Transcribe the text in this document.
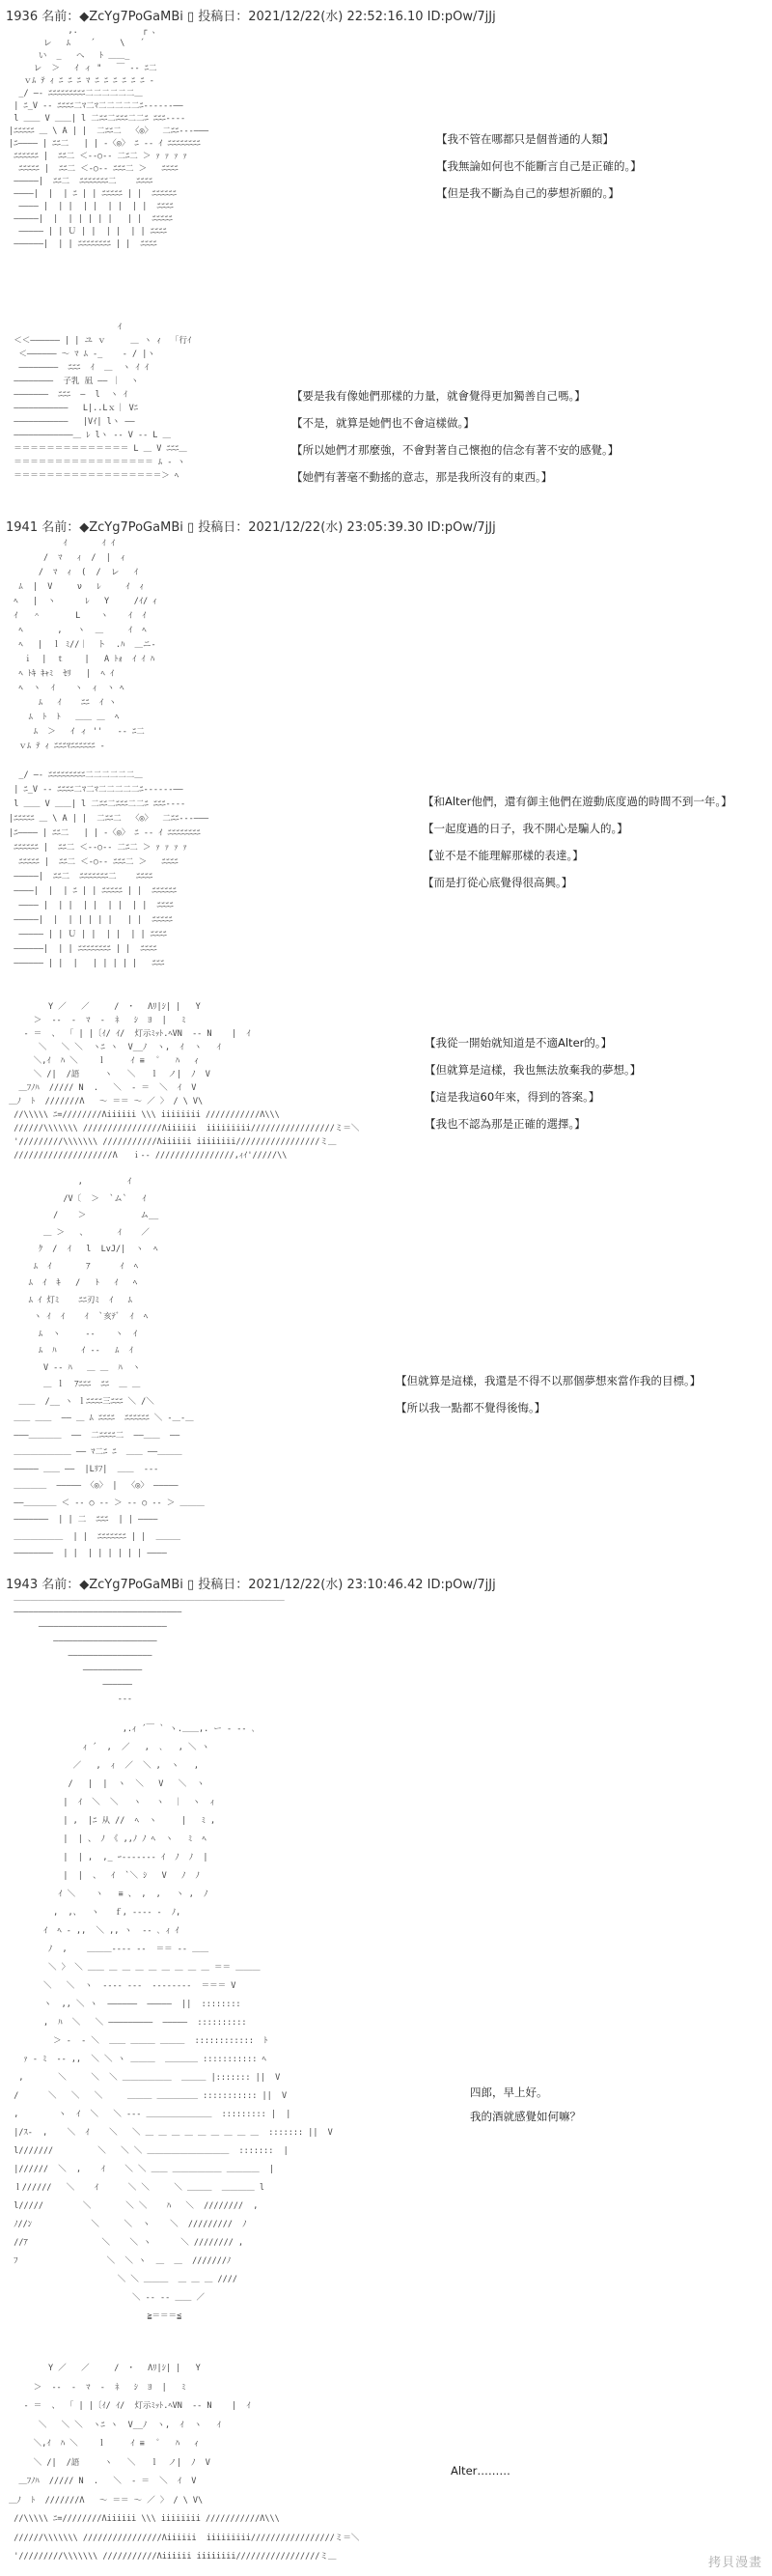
1936 名前：◆ZcYg7PoGaMBi ▯ 投稿日：2021/12/22(水) 22:52:16.10 ID:pOw/7jJj
,.             ┌ 、
レ   ﾑ    ´     \   ´
い  _   へ   ﾄ ＿＿_
レ  ＞   ｲ ィ "   ￣ ‐‐ ﾆ二
ｖﾑ ﾃ ｨ ﾆ ﾆ ﾆ ﾏ ﾆ ﾆ ﾆ ﾆ ﾆ ﾆ ‐
_/ ―‐ ﾆﾆﾆﾆﾆﾆﾆﾆﾆ二二二二二二＿
| ﾆ_V ‐‐ ﾆﾆﾆﾆ二ﾏ二ﾏ二二二二二ﾆ‐‐‐‐‐‐――
l ＿＿ V ＿＿| l 二ﾆﾆ二ﾆﾆﾆ二二ﾆ ﾆﾆﾆ‐‐‐‐
|ﾆﾆﾆﾆﾆ ＿ \ A | |  二ﾆﾆ二  〈◎〉  二ﾆﾆ‐‐‐―――
|ﾆ―――― | ﾆﾆ二   | | ‐〈◎〉 ﾆ ‐‐ ｲ ﾆﾆﾆﾆﾆﾆﾆﾆ
ﾆﾆﾆﾆﾆﾆ |  ﾆﾆ二 ＜‐‐○‐‐ 二ﾆ二 ＞ ｧ ｧ ｧ ｧ
ﾆﾆﾆﾆﾆ |  ﾆﾆ二 ＜‐○‐‐ ﾆﾆﾆ二 ＞   ﾆﾆﾆﾆ
―――――|  ﾆﾆ二  ﾆﾆﾆﾆﾆﾆﾆ二    ﾆﾆﾆﾆ
――――|  |  | ﾆ | | ﾆﾆﾆﾆﾆ | |  ﾆﾆﾆﾆﾆﾆ
―――― |  | |  | |  | |  | |  ﾆﾆﾆﾆ
―――――|  |  | | | | |   | |  ﾆﾆﾆﾆﾆ
――――― | | Ｕ | |  | |  | | ﾆﾆﾆﾆ
――――――|  | | ﾆﾆﾆﾆﾆﾆﾆﾆ | |  ﾆﾆﾆﾆ
【我不管在哪都只是個普通的人類】
【我無論如何也不能斷言自己是正確的。】
【但是我不斷為自己的夢想祈願的。】
ｲ
＜＜―――――― | | ユ ｖ     ＿ ヽ ｨ  「行ｲ
＜―――――― ～ ﾏ ﾑ ‐_    ‐ / |ヽ
――――――――  ﾆﾆﾆ  ｲ  ＿  ヽ ｲ ｲ
――――――――  子乳 凪 ―― ｜  ヽ
―――――――  ﾆﾆﾆ  ―  l  ヽ ｲ
―――――――――――   L|..Lｘ｜ Vﾆ
―――――――――――   |Vｲ| lヽ ――
――――――――――――＿ ﾚ lヽ ‐‐ V ‐‐ L ＿
＝＝＝＝＝＝＝＝＝＝＝＝＝＝ L ＿ V ﾆﾆﾆ＿
＝＝＝＝＝＝＝＝＝＝＝＝＝＝＝＝＝ ﾑ ‐ ヽ
＝＝＝＝＝＝＝＝＝＝＝＝＝＝＝＝＝＝＞ ﾍ
【要是我有像她們那樣的力量，就會覺得更加獨善自己嗎。】
【不是，就算是她們也不會這樣做。】
【所以她們才那麼強，不會對著自己懷抱的信念有著不安的感覺。】
【她們有著毫不動搖的意志，那是我所沒有的東西。】
1941 名前：◆ZcYg7PoGaMBi ▯ 投稿日：2021/12/22(水) 23:05:39.30 ID:pOw/7jJj
ｲ       ｲ ｲ
/  ﾏ   ｨ  /  |  ｨ
/  ﾏ  ｨ  (  /  レ   ｲ
ﾑ  |  V     ν   ﾚ     ｲ  ｨ
ﾍ   |  ヽ      ﾚ   Y     /ｲ/ ｨ
ｲ   ＾       L    ヽ    ｲ  ｲ
ﾍ       ,   ヽ  ＿     ｲ  ﾍ
ﾍ   |  ｌ ﾐ//｜  ト  .ﾊ  ＿ニ‐
ｉ  |  ｔ    |   A ﾄｫ  ｲ ｲ ﾊ
ﾍ ﾄｷ ｷｬﾐ  ｾﾘ   |  ﾍ ｲ
ﾍ  ヽ  ｲ    ヽ  ｨ  ヽ ﾍ
ﾑ   ｲ    ﾆﾆ  ｲ ヽ
ﾑ  ﾄ  ﾄ   ＿＿ ＿  ﾍ
ﾑ  ＞   ｲ ィ ''   ‐‐ ﾆ二
ｖﾑ ﾃ ｨ ﾆﾆﾆﾏﾆﾆﾆﾆﾆﾆ ‐
_/ ―‐ ﾆﾆﾆﾆﾆﾆﾆﾆﾆ二二二二二二＿
| ﾆ_V ‐‐ ﾆﾆﾆﾆ二ﾏ二ﾏ二二二二二ﾆ‐‐‐‐‐‐――
l ＿＿ V ＿＿| l 二ﾆﾆ二ﾆﾆﾆ二二ﾆ ﾆﾆﾆ‐‐‐‐
|ﾆﾆﾆﾆﾆ ＿ \ A | |  二ﾆﾆ二  〈◎〉  二ﾆﾆ‐‐‐―――
|ﾆ―――― | ﾆﾆ二   | | ‐〈◎〉 ﾆ ‐‐ ｲ ﾆﾆﾆﾆﾆﾆﾆﾆ
ﾆﾆﾆﾆﾆﾆ |  ﾆﾆ二 ＜‐‐○‐‐ 二ﾆ二 ＞ ｧ ｧ ｧ ｧ
ﾆﾆﾆﾆﾆ |  ﾆﾆ二 ＜‐○‐‐ ﾆﾆﾆ二 ＞   ﾆﾆﾆﾆ
―――――|  ﾆﾆ二  ﾆﾆﾆﾆﾆﾆﾆ二    ﾆﾆﾆﾆ
――――|  |  | ﾆ | | ﾆﾆﾆﾆﾆ | |  ﾆﾆﾆﾆﾆﾆ
―――― |  | |  | |  | |  | |  ﾆﾆﾆﾆ
―――――|  |  | | | | |   | |  ﾆﾆﾆﾆﾆ
――――― | | Ｕ | |  | |  | | ﾆﾆﾆﾆ
――――――|  | | ﾆﾆﾆﾆﾆﾆﾆﾆ | |  ﾆﾆﾆﾆ
―――――― | |  |   | | | | |   ﾆﾆﾆ
【和Alter他們，還有御主他們在遊動底度過的時間不到一年。】
【一起度過的日子，我不開心是騙人的。】
【並不是不能理解那樣的表達。】
【而是打從心底覺得很高興。】
Y ／   ／     /  ･   Λﾘ|ｼ| |   Y
＞  ‐‐  ‐  ﾏ  ‐  ﾈ   ｼ  ﾖ  |   ﾐ
‐ ＝  、  ｢ | |〔ｲ/ ｲ/  灯示ﾐｯﾄ.ﾍVN  ‐‐ N    |  ｲ
＼   ＼ ＼  ヽﾆ ヽ  V__ﾉ  ヽ,  ｲ  ヽ   ｲ
＼,ｲ  ﾊ ＼    ｌ     ｲ ≡   ﾟ   ﾊ   ｨ
＼ /|  /語     ヽ   ＼   ｌ  ノ|  ﾉ  V
＿ﾌﾉﾊ  ///// N  .   ＼  ‐ ＝  ＼  ｲ  V
＿ﾉ  ﾄ  ///////Λ   ～ ＝＝ ～ ／ 〉 / \ V\
//\\\\\ ﾆ=////////Λiiiiii \\\ iiiiiiii ///////////Λ\\\
//////\\\\\\\ ////////////////Λiiiiii  iiiiiiiii/////////////////ミ＝＼
'/////////\\\\\\\ ///////////Λiiiiii iiiiiiii/////////////////ミ＿
////////////////////Λ   ｉ‐‐ ////////////////,ｨｲ'/////\\
【我從一開始就知道是不適Alter的。】
【但就算是這樣，我也無法放棄我的夢想。】
【這是我這60年來，得到的答案。】
【我也不認為那是正確的選擇。】
,         ｲ
/V〔  ＞  `ム`   ｲ
/    ＞           ム__
＿ ＞   、      ｲ    ／
ｸ  /  ｲ   l  LvJ/|  ヽ  ﾍ
ﾑ  ｲ       ｱ      ｲ  ﾍ
ﾑ  ｲ  ｷ   /   ﾄ   ｲ   ﾍ
ﾑ ｲ 灯ﾐ    ﾆﾆ刃ﾐ  ｲ   ﾑ
ヽ ｲ  ｲ    ｲ  `亥ﾃﾞ  ｲ  ﾍ
ﾑ  ヽ     ‐‐    ヽ  ｲ
ﾑ  ﾊ     ｲ ‐‐   ﾑ  ｲ
V ‐‐ ﾊ   ＿ ＿  ﾊ  ヽ
＿ ｌ  ｱﾆﾆﾆ  ﾆﾆ  ＿ ＿
＿＿  /__ ヽ ｌﾆﾆﾆﾆ三ﾆﾆﾆ ＼ /＼
＿＿ ＿＿  ―― ＿ ﾑ ﾆﾆﾆﾆ  ﾆﾆﾆﾆﾆﾆ ＼ ‐＿‐＿
―――＿＿＿＿  ――  二ﾆﾆﾆﾆ二  ――＿＿  ――
＿＿＿＿＿＿＿ ―― ﾏ二ﾆ ﾆ  ＿＿ ――＿＿＿
――――― ＿＿ ――  |Lﾘﾌ|  ＿＿  ‐‐‐
＿＿＿＿  ――――― 〈◎〉 |  〈◎〉 ―――――
――＿＿＿＿ ＜ ‐‐ ○ ‐‐ ＞ ‐‐ ○ ‐‐ ＞ ＿＿＿
―――――――  | | 二  ﾆﾆﾆ  | | ――――
＿＿＿＿＿＿  | |  ﾆﾆﾆﾆﾆﾆﾆ | |  ＿＿＿
――――――――  | |  | | | | | | ――――
【但就算是這樣，我還是不得不以那個夢想來當作我的目標。】
【所以我一點都不覺得後悔。】
1943 名前：◆ZcYg7PoGaMBi ▯ 投稿日：2021/12/22(水) 23:10:46.42 ID:pOw/7jJj
＿＿＿＿＿＿＿＿＿＿＿＿＿＿＿＿＿＿＿＿＿＿＿＿＿＿＿＿＿＿＿＿＿
――――――――――――――――――――――――――――――――――
――――――――――――――――――――――――――
―――――――――――――――――――――
―――――――――――――――――
――――――――――――
――――――
‐‐‐
,.ｨ ´￣ ` ヽ.＿＿,. ー ‐ -- ､
ｨ ´  ,  ／   ,  ､   , ＼ ヽ
／   ,  ｨ  ／  ＼ ,  ヽ   ,
/   |  |  ヽ  ＼   V   ＼  ヽ
|  ｲ  ＼  ＼   ヽ   ヽ  ｜  ヽ  ｨ
| ,  |ﾆ 从 //  ﾍ  ヽ     |   ﾐ ,
|  | 、 ﾉ 《 ,,ﾉ ﾉ ﾍ  ヽ   ﾐ  ﾍ
|  | ,  ,_ ｰ‐‐‐‐‐‐‐ ｲ  ﾉ  ﾉ  |
|  |  、  ｲ  `＼ ｼ   V   ﾉ  ﾉ
ｲ ＼    ヽ   ≡ 、 ,  ,   ヽ ,  ﾉ
,  ,、  ヽ   ｆ, ‐‐‐‐ ‐  ﾉ,
ｲ  ﾍ ‐ ,,  ＼ ,, ヽ  ‐‐ ､ ｨ ｲ
ﾉ  ,    ＿＿＿‐‐‐‐ ‐‐  ＝＝ -- ＿＿
＼ 〉 ＼ ＿＿ ＿ ＿ ＿ ＿ ＿ ＿ ＿ ＿ ＝＝ ＿＿＿
＼   ＼  ヽ  ‐‐‐‐ ‐‐‐  ‐‐‐‐‐‐‐‐  ＝＝＝ V
ヽ  ,, ＼ ヽ  ――――――  ―――――  ||  ::::::::
,  ﾊ  ＼   ＼ ―――――――――  ―――――  ::::::::::
＞ ‐  ‐ ＼  ＿＿ ＿＿＿ ＿＿＿  ::::::::::::  ﾄ
ｧ ‐ ﾐ  ‐‐ ,,  ＼ ＼ ヽ ＿＿＿  ＿＿＿＿ ::::::::::: ﾍ
,       ＼     ＼  ＼ ＿＿＿＿＿＿  ＿＿＿ |::::::: ||  V
/      ＼   ＼   ＼     ＿＿＿ ＿＿＿＿＿ ::::::::::: ||  V
,        ヽ  ｲ  ＼   ＼ ‐‐‐ ＿＿＿＿＿＿＿＿  ::::::::: |  |
|/ｽ‐  ,    ＼  ｲ    ＼   ＼ ＿ ＿ ＿ ＿ ＿ ＿ ＿ ＿ ＿  ::::::: ||  V
l///////         ＼   ＼ ＼ ＿＿＿＿＿＿＿＿＿＿  :::::::  |
|//////  ＼  ,    ｲ    ＼ ＼ ＿＿ ＿＿＿＿＿＿ ＿＿＿＿  |
ｌ//////   ＼    ｲ      ＼ ＼     ＼ ＿＿＿  ＿＿＿＿ l
l/////        ＼       ＼ ＼    ﾊ   ＼  ////////  ,
ﾉ//ﾝ            ＼     ＼  ヽ    ＼  /////////  ﾉ
//ｱ               ＼    ＼ ヽ      ＼ //////// ,
ﾌ                  ＼  ＼ ヽ  ＿  ＿  ///////ﾉ
＼ ＼ ＿＿＿  ＿ ＿ ＿ ////
＼ ‐‐ ‐‐ ＿＿ ／
≧＝＝＝≦
四郎，早上好。
我的酒就感覺如何嘛？
Y ／   ／     /  ･   Λﾘ|ｼ| |   Y
＞  ‐‐  ‐  ﾏ  ‐  ﾈ   ｼ  ﾖ  |   ﾐ
‐ ＝  、  ｢ | |〔ｲ/ ｲ/  灯示ﾐｯﾄ.ﾍVN  ‐‐ N    |  ｲ
＼   ＼ ＼  ヽﾆ ヽ  V__ﾉ  ヽ,  ｲ  ヽ   ｲ
＼,ｲ  ﾊ ＼    ｌ     ｲ ≡   ﾟ   ﾊ   ｨ
＼ /|  /語     ヽ   ＼   ｌ  ノ|  ﾉ  V
＿ﾌﾉﾊ  ///// N  .   ＼  ‐ ＝  ＼  ｲ  V
＿ﾉ  ﾄ  ///////Λ   ～ ＝＝ ～ ／ 〉 / \ V\
//\\\\\ ﾆ=////////Λiiiiii \\\ iiiiiiii ///////////Λ\\\
//////\\\\\\\ ////////////////Λiiiiii  iiiiiiiii/////////////////ミ＝＼
'/////////\\\\\\\ ///////////Λiiiiii iiiiiiii/////////////////ミ＿
Alter………
拷貝漫畫
